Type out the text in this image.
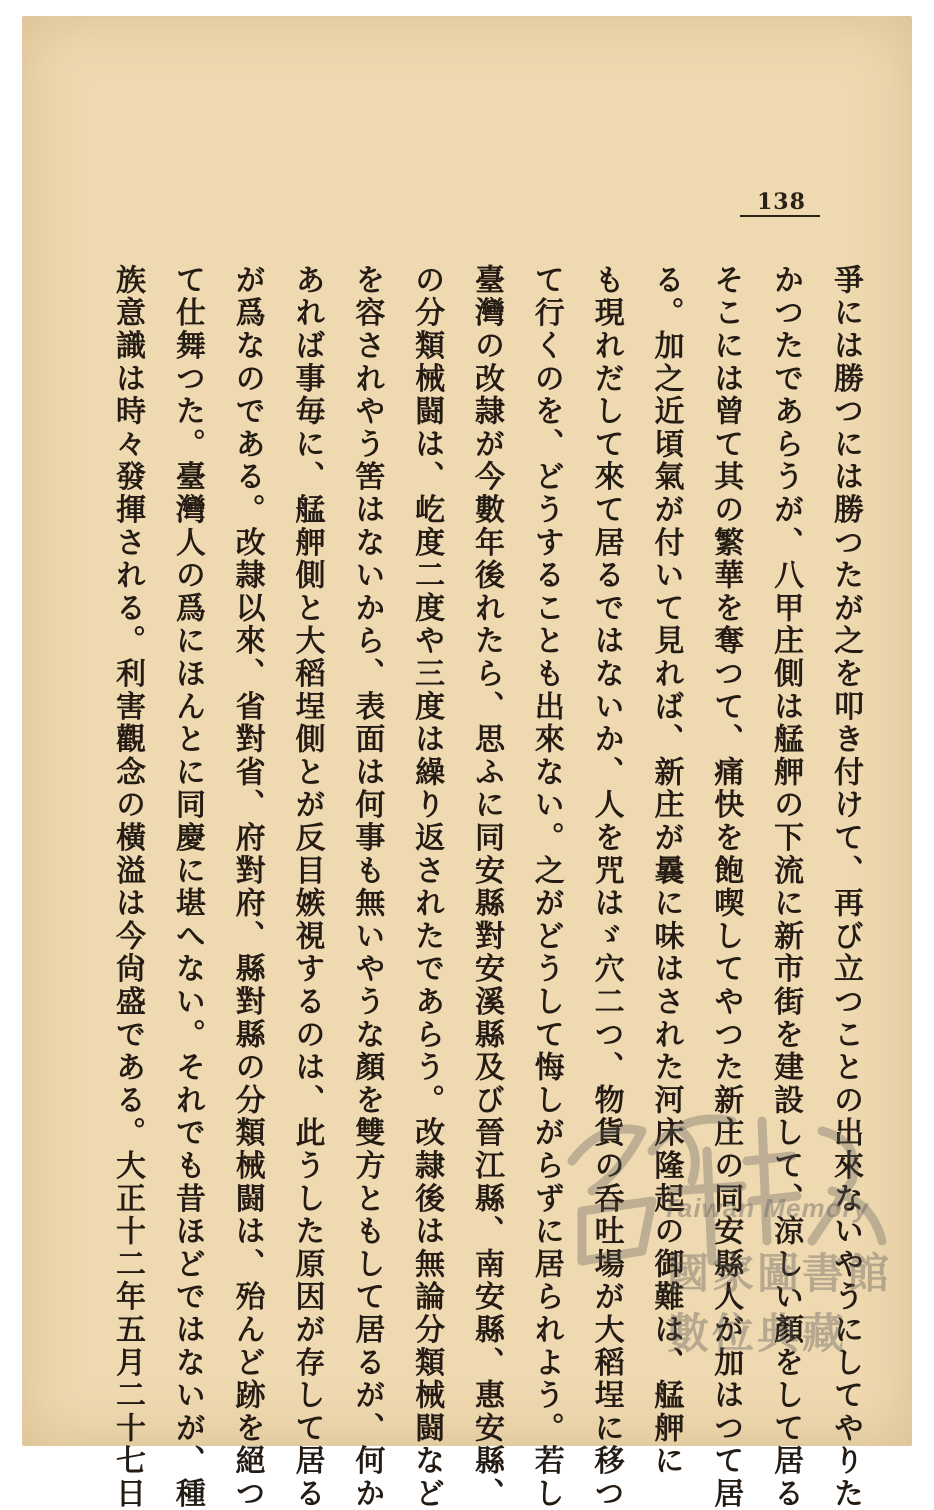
138
爭には勝つには勝つたが之を叩き付けて、再び立つことの出來ないやうにしてやりた
かつたであらうが、八甲庄側は艋舺の下流に新市街を建設して、涼しい顏をして居る
そこには曾て其の繁華を奪つて、痛快を飽喫してやつた新庄の同安縣人が加はつて居
る。加之近頃氣が付いて見れば、新庄が曩に味はされた河床隆起の御難は、艋舺に
も現れだして來て居るではないか、人を咒はゞ穴二つ、物貨の呑吐場が大稻埕に移つ
て行くのを、どうすることも出來ない。之がどうして悔しがらずに居られよう。若し
臺灣の改隷が今數年後れたら、思ふに同安縣對安溪縣及び晉江縣、南安縣、惠安縣、
の分類械闘は、屹度二度や三度は繰り返されたであらう。改隷後は無論分類械闘など
を容されやう筈はないから、表面は何事も無いやうな顏を雙方ともして居るが、何か
あれば事毎に、艋舺側と大稻埕側とが反目嫉視するのは、此うした原因が存して居る
が爲なのである。改隷以來、省對省、府對府、縣對縣の分類械闘は、殆んど跡を絕つ
て仕舞つた。臺灣人の爲にほんとに同慶に堪へない。それでも昔ほどではないが、種
族意識は時々發揮される。利害觀念の橫溢は今尙盛である。大正十二年五月二十七日	Taiwan Memory
國家圖書館數位典藏
